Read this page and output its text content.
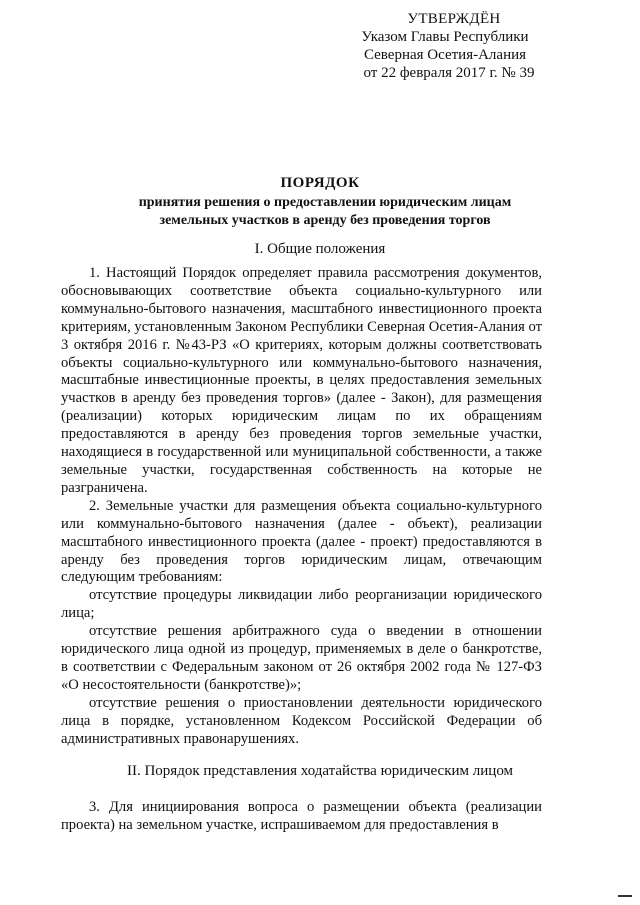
УТВЕРЖДЁН
Указом Главы Республики
Северная Осетия-Алания
от 22 февраля 2017 г. № 39
ПОРЯДОК
принятия решения о предоставлении юридическим лицам
земельных участков в аренду без проведения торгов
I. Общие положения

1. Настоящий Порядок определяет правила рассмотрения документов, обосновывающих соответствие объекта социально-культурного или коммунально-бытового назначения, масштабного инвестиционного проекта критериям, установленным Законом Республики Северная Осетия-Алания от 3 октября 2016 г. №43-РЗ «О критериях, которым должны соответствовать объекты социально-культурного или коммунально-бытового назначения, масштабные инвестиционные проекты, в целях предоставления земельных участков в аренду без проведения торгов» (далее - Закон), для размещения (реализации) которых юридическим лицам по их обращениям предоставляются в аренду без проведения торгов земельные участки, находящиеся в государственной или муниципальной собственности, а также земельные участки, государственная собственность на которые не разграничена.

2. Земельные участки для размещения объекта социально-культурного или коммунально-бытового назначения (далее - объект), реализации масштабного инвестиционного проекта (далее - проект) предоставляются в аренду без проведения торгов юридическим лицам, отвечающим следующим требованиям:

отсутствие процедуры ликвидации либо реорганизации юридического лица;

отсутствие решения арбитражного суда о введении в отношении юридического лица одной из процедур, применяемых в деле о банкротстве, в соответствии с Федеральным законом от 26 октября 2002 года № 127-ФЗ «О несостоятельности (банкротстве)»;

отсутствие решения о приостановлении деятельности юридического лица в порядке, установленном Кодексом Российской Федерации об административных правонарушениях.

II. Порядок представления ходатайства юридическим лицом

3. Для инициирования вопроса о размещении объекта (реализации проекта) на земельном участке, испрашиваемом для предоставления в
